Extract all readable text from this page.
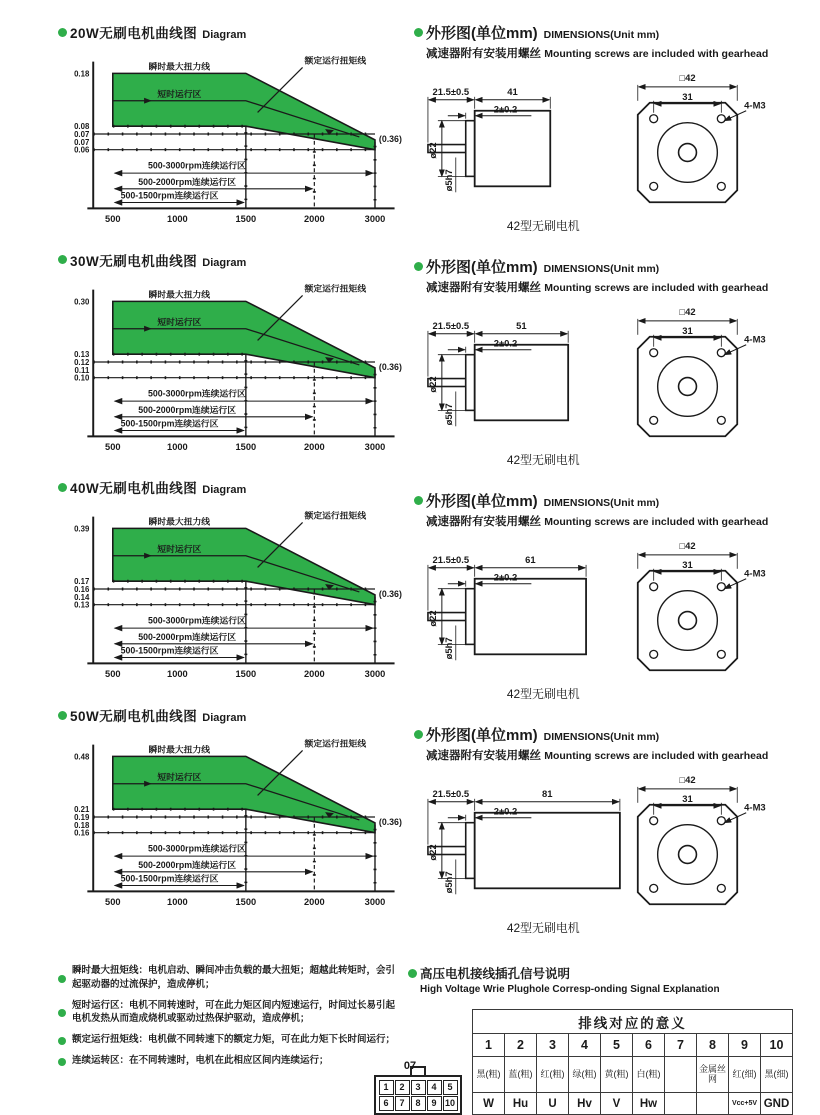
20W无刷电机曲线图 Diagram
瞬时最大扭力线
短时运行区
额定运行扭矩线
500-3000rpm连续运行区
500-2000rpm连续运行区
500-1500rpm连续运行区
(0.36)
0.18
0.08
0.07
0.07
0.06
500	1000	1500	2000	3000
30W无刷电机曲线图 Diagram
瞬时最大扭力线
短时运行区
额定运行扭矩线
500-3000rpm连续运行区
500-2000rpm连续运行区
500-1500rpm连续运行区
(0.36)
0.30
0.13
0.12
0.11
0.10
500	1000	1500	2000	3000
40W无刷电机曲线图 Diagram
瞬时最大扭力线
短时运行区
额定运行扭矩线
500-3000rpm连续运行区
500-2000rpm连续运行区
500-1500rpm连续运行区
(0.36)
0.39
0.17
0.16
0.14
0.13
500	1000	1500	2000	3000
50W无刷电机曲线图 Diagram
瞬时最大扭力线
短时运行区
额定运行扭矩线
500-3000rpm连续运行区
500-2000rpm连续运行区
500-1500rpm连续运行区
(0.36)
0.48
0.21
0.19
0.18
0.16
500	1000	1500	2000	3000
外形图(单位mm) DIMENSIONS(Unit mm)
减速器附有安装用螺丝 Mounting screws are included with gearhead
21.5±0.5	41
2±0.2
ø22
ø5h7
□42
31
4-M3
42型无刷电机
外形图(单位mm) DIMENSIONS(Unit mm)
减速器附有安装用螺丝 Mounting screws are included with gearhead
21.5±0.5	51
2±0.2
ø22
ø5h7
□42
31
4-M3
42型无刷电机
外形图(单位mm) DIMENSIONS(Unit mm)
减速器附有安装用螺丝 Mounting screws are included with gearhead
21.5±0.5	61
2±0.2
ø22
ø5h7
□42
31
4-M3
42型无刷电机
外形图(单位mm) DIMENSIONS(Unit mm)
减速器附有安装用螺丝 Mounting screws are included with gearhead
21.5±0.5	81
2±0.2
ø22
ø5h7
□42
31
4-M3
42型无刷电机
瞬时最大扭矩线：电机启动、瞬间冲击负载的最大扭矩；超越此转矩时，会引起驱动器的过流保护，造成停机；
短时运行区：电机不同转速时，可在此力矩区间内短速运行，时间过长易引起电机发热从而造成烧机或驱动过热保护驱动，造成停机；
额定运行扭矩线：电机做不同转速下的额定力矩，可在此力矩下长时间运行；
连续运转区：在不同转速时，电机在此相应区间内连续运行；
高压电机接线插孔信号说明
High Voltage Wrie Plughole Corresp-onding Signal Explanation
1	2	3	4	5
6	7	8	9 10
排线对应的意义									
1	2	3	4	5	6	7	8	9	10
黑(粗)	蓝(粗)	红(粗)	绿(粗)	黄(粗)	白(粗)		金属丝网	红(细)	黑(细)
W	Hu	U	Hv	V	Hw			Vcc+5V	GND
07
